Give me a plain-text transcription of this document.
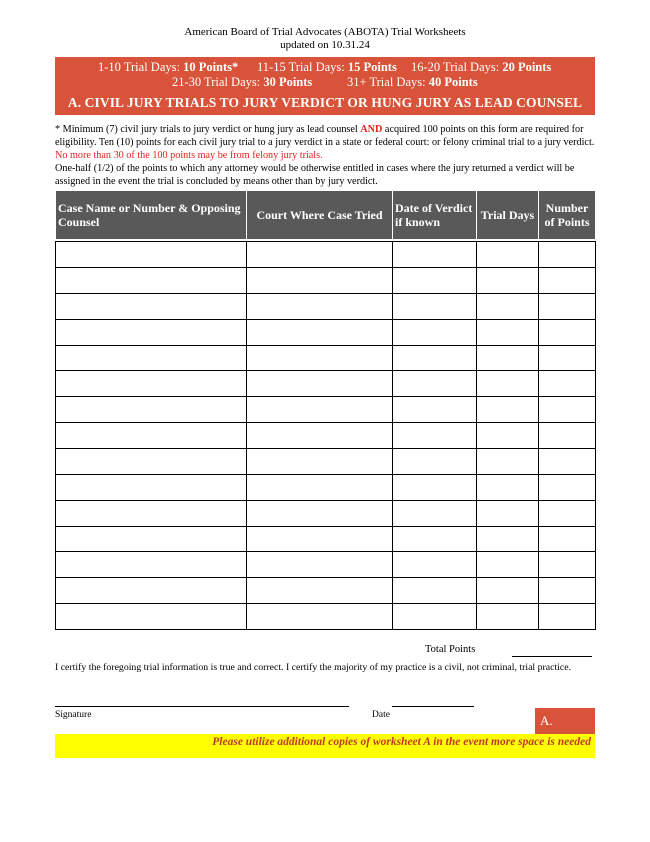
American Board of Trial Advocates (ABOTA) Trial Worksheets
updated on 10.31.24
1-10 Trial Days: 10 Points* 11-15 Trial Days: 15 Points 16-20 Trial Days: 20 Points
21-30 Trial Days: 30 Points	31+ Trial Days: 40 Points
A. CIVIL JURY TRIALS TO JURY VERDICT OR HUNG JURY AS LEAD COUNSEL

* Minimum (7) civil jury trials to jury verdict or hung jury as lead counsel AND acquired 100 points on this form are required for eligibility. Ten (10) points for each civil jury trial to a jury verdict in a state or federal court: or felony criminal trial to a jury verdict. No more than 30 of the 100 points may be from felony jury trials.

One-half (1/2) of the points to which any attorney would be otherwise entitled in cases where the jury returned a verdict will be assigned in the event the trial is concluded by means other than by jury verdict.

Case Name or Number & Opposing Counsel	Court Where Case Tried	Date of Verdict if known	Trial Days	Number of Points

Total Points
I certify the foregoing trial information is true and correct. I certify the majority of my practice is a civil, not criminal, trial practice.
Signature	Date	A.
Please utilize additional copies of worksheet A in the event more space is needed
